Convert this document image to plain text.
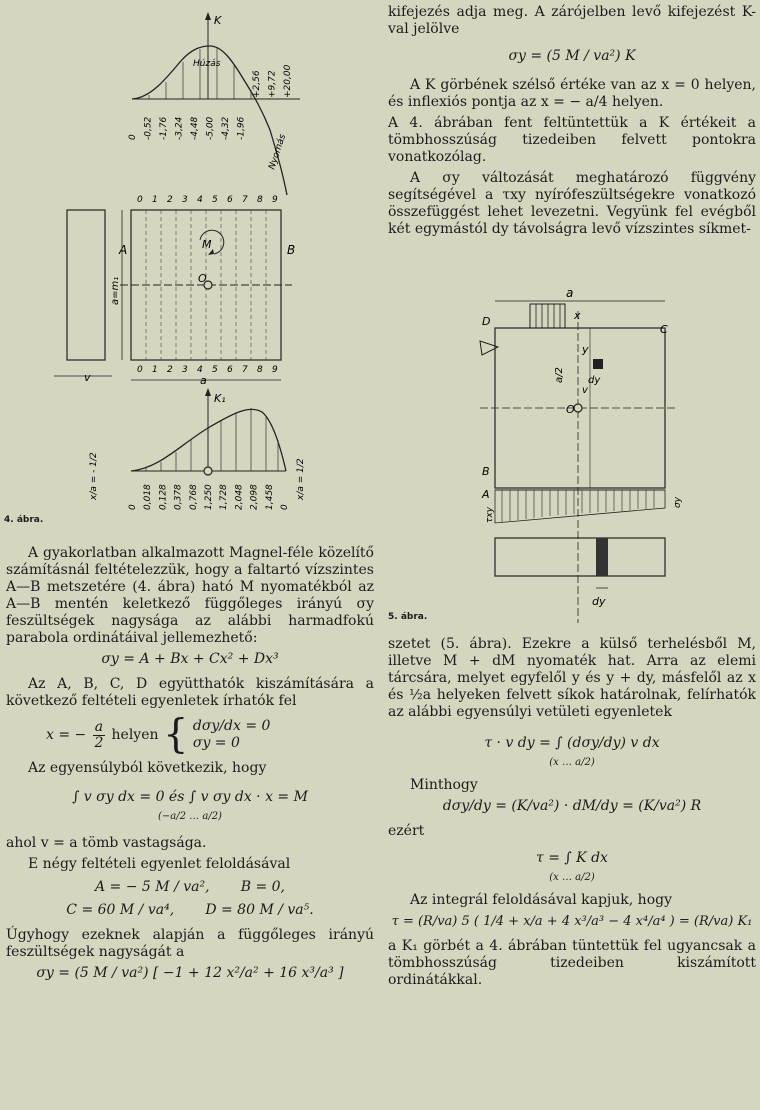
K
Húzás
0 -0,52 -1,76 -3,24 -4,48 -5,00 -4,32 -1,96
+2,56 +9,72 +20,00
Nyomás
0 1 2 3 4 5 6 7 8 9
0 1 2 3 4 5 6 7 8 9
A	B
O
M
a=m₁
v	a
K₁
0 0,018 0,128 0,378 0,768 1,250 1,728 2,048 2,098 1,458 0
x/a = - 1/2	x/a = 1/2
4. ábra.
a
D
C
B
A
O
x
y
v
dy
a/2
σy
τxy
dy
5. ábra.

A gyakorlatban alkalmazott Magnel-féle közelítő számításnál feltételezzük, hogy a faltartó vízszintes A—B metszetére (4. ábra) ható M nyomatékból az A—B mentén keletkező függőleges irányú σy feszültségek nagysága az alábbi harmadfokú parabola ordinátáival jellemezhető:

σy = A + Bx + Cx² + Dx³

Az A, B, C, D együtthatók kiszámítására a következő feltételi egyenletek írhatók fel

x = − $\frac{a}{2}$ helyen { dσy/dx = 0
σy = 0

Az egyensúlyból következik, hogy

∫ v σy dx = 0 és ∫ v σy dx · x = M
(−a/2 … a/2)

ahol v = a tömb vastagsága.

E négy feltételi egyenlet feloldásával

A = − 5 M / va², B = 0,
C = 60 M / va⁴, D = 80 M / va⁵.

Úgyhogy ezeknek alapján a függőleges irányú feszültségek nagyságát a

σy = (5 M / va²) [ −1 + 12 x²/a² + 16 x³/a³ ]

kifejezés adja meg. A zárójelben levő kifejezést K-val jelölve

σy = (5 M / va²) K

A K görbének szélső értéke van az x = 0 helyen, és inflexiós pontja az x = − a/4 helyen.

A 4. ábrában fent feltüntettük a K értékeit a tömbhosszúság tizedeiben felvett pontokra vonatkozólag.

A σy változását meghatározó függvény segítségével a τxy nyírófeszültségekre vonatkozó összefüggést lehet levezetni. Vegyünk fel evégből két egymástól dy távolságra levő vízszintes síkmet-

szetet (5. ábra). Ezekre a külső terhelésből M, illetve M + dM nyomaték hat. Arra az elemi tárcsára, melyet egyfelől y és y + dy, másfelől az x és ½a helyeken felvett síkok határolnak, felírhatók az alábbi egyensúlyi vetületi egyenletek

τ · v dy = ∫ (dσy/dy) v dx
(x … a/2)

Minthogy

dσy/dy = (K/va²) · dM/dy = (K/va²) R

ezért

τ = ∫ K dx
(x … a/2)

Az integrál feloldásával kapjuk, hogy

τ = (R/va) 5 ( 1/4 + x/a + 4 x³/a³ − 4 x⁴/a⁴ ) = (R/va) K₁

a K₁ görbét a 4. ábrában tüntettük fel ugyancsak a tömbhosszúság tizedeiben kiszámított ordinátákkal.
